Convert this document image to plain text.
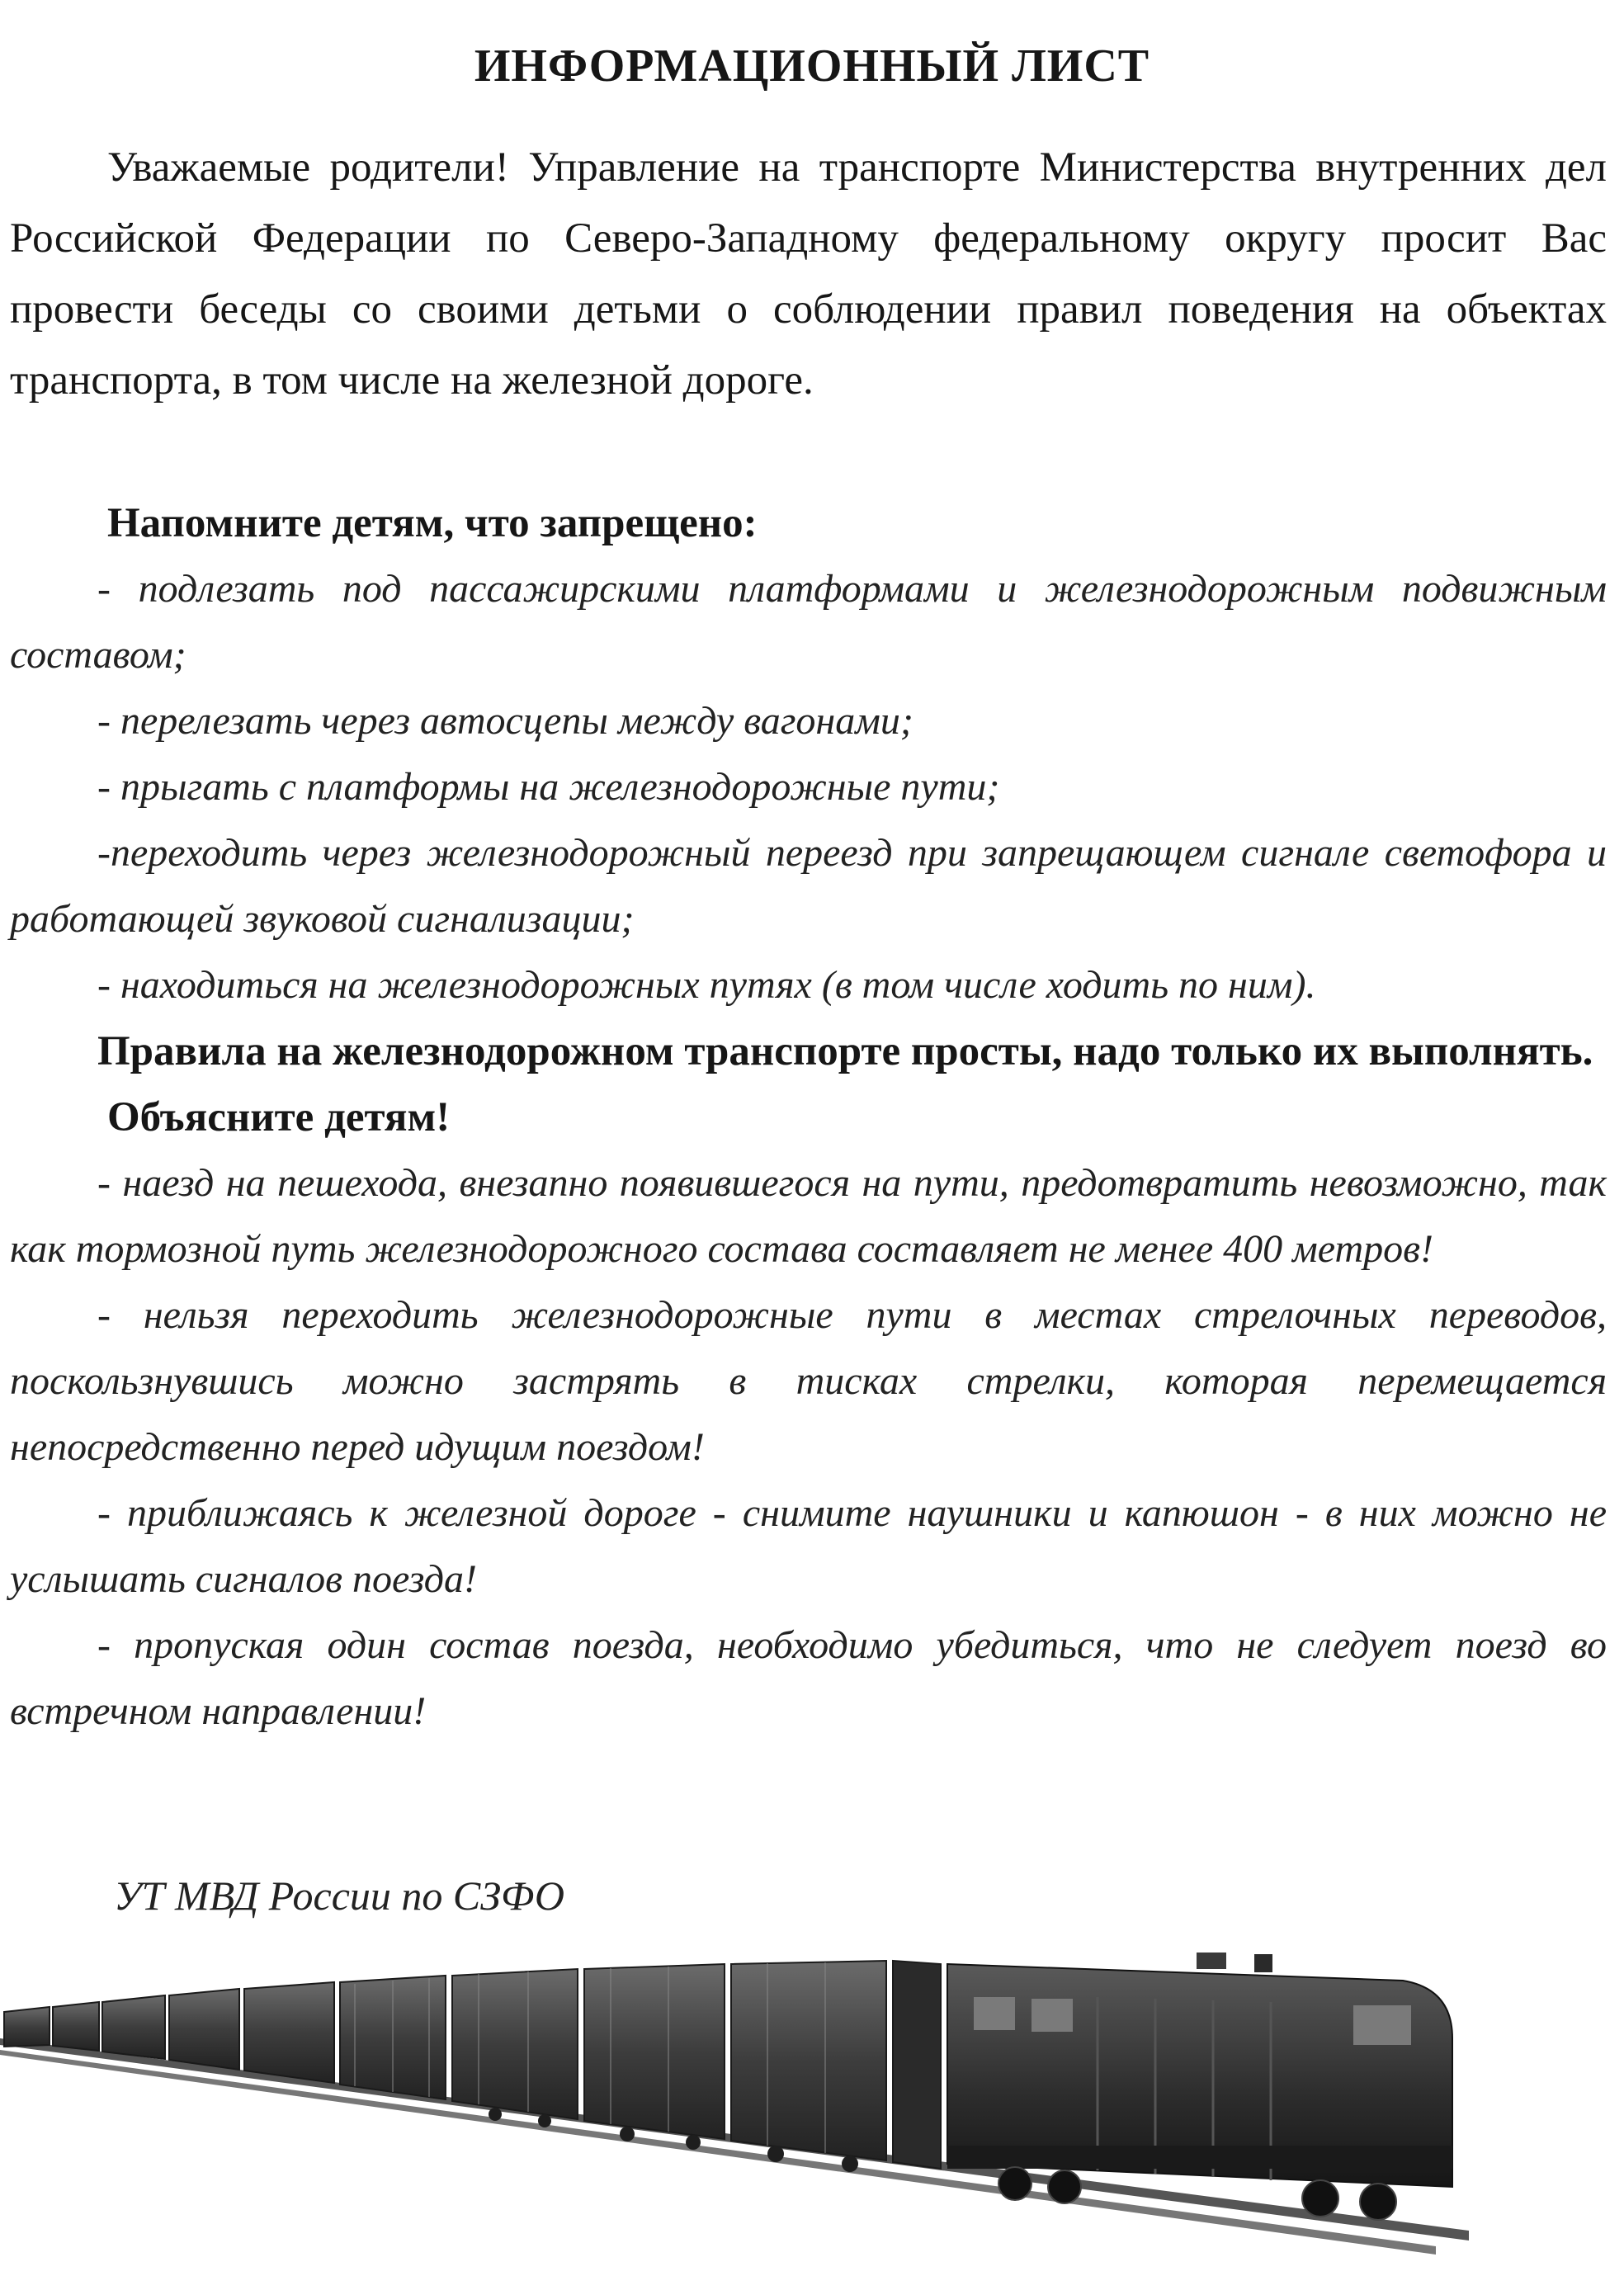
ИНФОРМАЦИОННЫЙ ЛИСТ

Уважаемые родители! Управление на транспорте Министерства внутренних дел Российской Федерации по Северо-Западному федеральному округу просит Вас провести беседы со своими детьми о соблюдении правил поведения на объектах транспорта, в том числе на железной дороге.

Напомните детям, что запрещено:

- подлезать под пассажирскими платформами и железнодорожным подвижным составом;

- перелезать через автосцепы между вагонами;

- прыгать с платформы на железнодорожные пути;

-переходить через железнодорожный переезд при запрещающем сигнале светофора и работающей звуковой сигнализации;

- находиться на железнодорожных путях (в том числе ходить по ним).

Правила на железнодорожном транспорте просты, надо только их выполнять.

Объясните детям!

- наезд на пешехода, внезапно появившегося на пути, предотвратить невозможно, так как тормозной путь железнодорожного состава составляет не менее 400 метров!

- нельзя переходить железнодорожные пути в местах стрелочных переводов, поскользнувшись можно застрять в тисках стрелки, которая перемещается непосредственно перед идущим поездом!

- приближаясь к железной дороге - снимите наушники и капюшон - в них можно не услышать сигналов поезда!

- пропуская один состав поезда, необходимо убедиться, что не следует поезд во встречном направлении!

УТ МВД России по СЗФО
